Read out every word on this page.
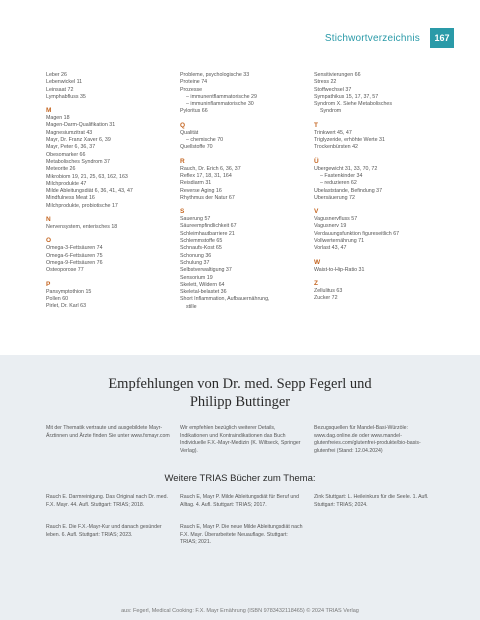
Stichwortverzeichnis	167
Leber 26
Lebenwickel 11
Leinsaat 72
Lymphabfluss 35
M
Magen 18
Magen-Darm-Qualifikation 31
Magnesiumzitrat 43
Mayr, Dr. Franz Xaver 6, 39
Mayr, Peter 6, 36, 37
Obesomarker 66
Metabolisches Syndrom 37
Meteorite 26
Mikrobiom 19, 21, 25, 63, 162, 163
Milchprodukte 47
Milde Ableitungsdiät 6, 36, 41, 43, 47
Mindfulness Meat 16
Milchprodukte, probiotische 17
N
Nervensystem, enterisches 18
O
Omega-3-Fettsäuren 74
Omega-6-Fettsäuren 75
Omega-9-Fettsäuren 76
Osteoporose 77
P
Pansymptothion 15
Pollen 60
Pirlet, Dr. Karl 63
Probleme, psychologische 33
Proteine 74
Prozesse
– immunentflammatorische 29
– immuninflammatorische 30
Pyloritus 66
Q
Qualität
– chemische 70
Quellstoffe 70
R
Rauch, Dr. Erich 6, 36, 37
Reflex 17, 18, 31, 164
Reisdiarm 31
Reverse Aging 16
Rhythmus der Natur 67
S
Sauerung 57
Säureempfindlichkeit 67
Schleimhautbarriere 21
Schlemmstoffe 65
Schnaufs-Kost 65
Schonung 36
Schulung 37
Selbstverwaltigung 37
Sensorium 19
Skelett, Wildern 64
Skeletal-belastet 36
Short Inflammation, Aufbauernährung,
stille
Sensitivierungen 66
Stress 22
Stoffwechsel 37
Sympathikus 15, 17, 37, 57
Syndrom X. Siehe Metabolisches
Syndrom
T
Trinkwert 45, 47
Triglyzeride, erhöhte Werte 31
Trockenbürsten 42
Ü
Übergewicht 31, 33, 70, 72
– Fastenkinder 34
– reduzieren 62
Übelaststande, Befindung 37
Übersäuerung 72
V
Vagusnervfluss 57
Vagusnerv 19
Verdauungsfunktion figureseitlich 67
Vollwerternährung 71
Vorlast 43, 47
W
Waist-to-Hip-Ratio 31
Z
Zellulitus 63
Zucker 72
Empfehlungen von Dr. med. Sepp Fegerl und
Philipp Buttinger
Mit der Thematik vertraute und ausgebildete Mayr-Ärztinnen und Ärzte finden Sie unter www.fxmayr.com
Wir empfehlen bezüglich weiterer Details, Indikationen und Kontraindikationen das Buch Individuelle F.X.-Mayr-Medizin (K. Wiltseck, Springer Verlag).
Bezugsquellen für Mandel-Basi-Würzöle: www.dag.online.de oder www.mandel-glutenfreies.com/glutenfrei-produkte/bio-basis-glutenfrei (Stand: 12.04.2024)
Weitere TRIAS Bücher zum Thema:
Rauch E. Darmreinigung. Das Original nach Dr. med. F.X. Mayr. 44. Aufl. Stuttgart: TRIAS; 2018.
Rauch E, Mayr P. Milde Ableitungsdiät für Beruf und Alltag. 4. Aufl. Stuttgart: TRIAS; 2017.
Zink Stuttgart: L. Heileinkurs für die Seele. 1. Aufl. Stuttgart: TRIAS; 2024.
Rauch E. Die F.X.-Mayr-Kur und danach gesünder leben. 6. Aufl. Stuttgart: TRIAS; 2023.
Rauch E, Mayr P. Die neue Milde Ableitungsdiät nach F.X. Mayr. Überarbeitete Neuauflage. Stuttgart: TRIAS; 2021.
aus: Fegerl, Medical Cooking: F.X. Mayr Ernährung (ISBN 9783432118465) © 2024 TRIAS Verlag
